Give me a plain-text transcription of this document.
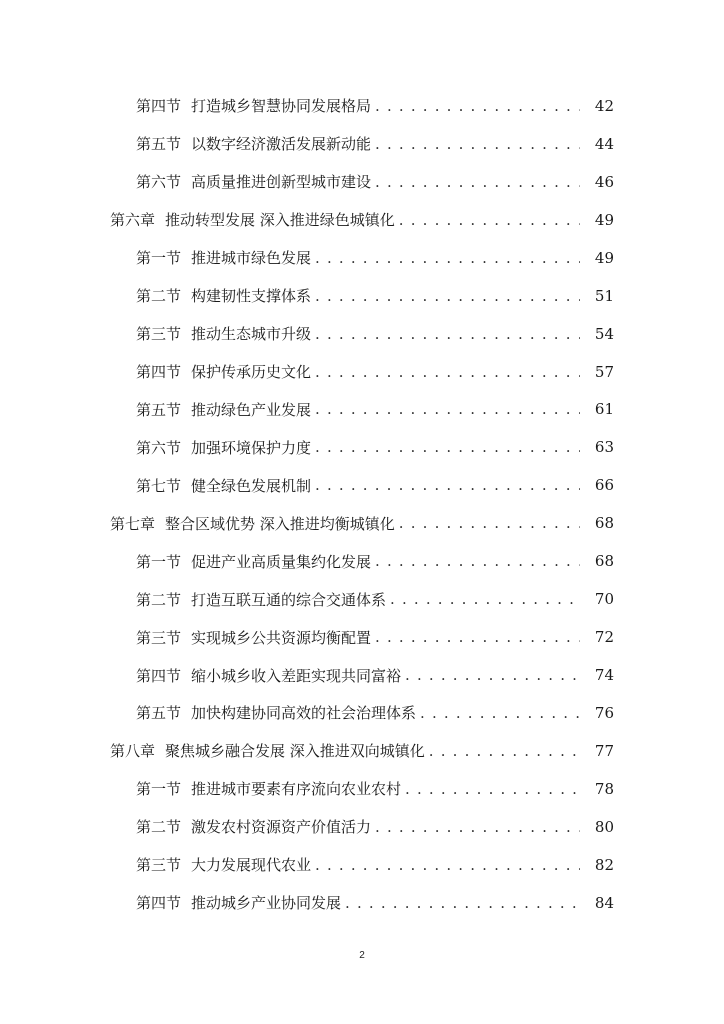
第四节 打造城乡智慧协同发展格局 . . .	42
第五节 以数字经济激活发展新动能 . . .	44
第六节 高质量推进创新型城市建设 . . .	46
第六章 推动转型发展 深入推进绿色城镇化 . . .	49
第一节 推进城市绿色发展 . . .	49
第二节 构建韧性支撑体系 . . .	51
第三节 推动生态城市升级 . . .	54
第四节 保护传承历史文化 . . .	57
第五节 推动绿色产业发展 . . .	61
第六节 加强环境保护力度 . . .	63
第七节 健全绿色发展机制 . . .	66
第七章 整合区域优势 深入推进均衡城镇化 . . .	68
第一节 促进产业高质量集约化发展 . . .	68
第二节 打造互联互通的综合交通体系 . . .	70
第三节 实现城乡公共资源均衡配置 . . .	72
第四节 缩小城乡收入差距实现共同富裕 . . .	74
第五节 加快构建协同高效的社会治理体系 . . .	76
第八章 聚焦城乡融合发展 深入推进双向城镇化 . . .	77
第一节 推进城市要素有序流向农业农村 . . .	78
第二节 激发农村资源资产价值活力 . . .	80
第三节 大力发展现代农业 . . .	82
第四节 推动城乡产业协同发展 . . .	84
2
